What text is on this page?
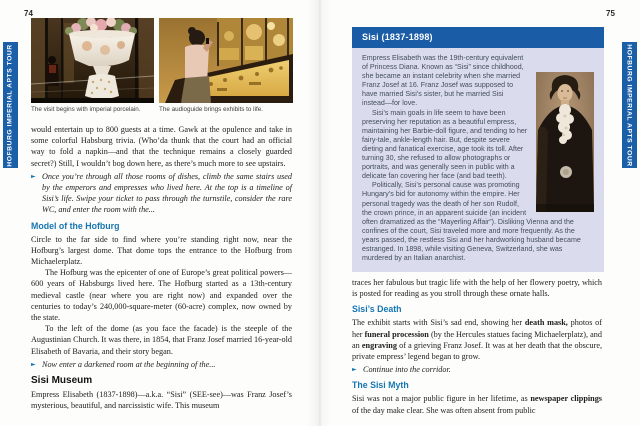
74
HOFBURG IMPERIAL APTS TOUR	The visit begins with imperial porcelain.	The audioguide brings exhibits to life.

would entertain up to 800 guests at a time. Gawk at the opulence and take in some colorful Habsburg trivia. (Who’da thunk that the court had an official way to fold a napkin—and that the technique remains a closely guarded secret?) Still, I wouldn’t bog down here, as there’s much more to see upstairs.

► Once you’re through all those rooms of dishes, climb the same stairs used by the emperors and empresses who lived here. At the top is a timeline of Sisi’s life. Swipe your ticket to pass through the turnstile, consider the rare WC, and enter the room with the...
Model of the Hofburg

Circle to the far side to find where you’re standing right now, near the Hofburg’s largest dome. That dome tops the entrance to the Hofburg from Michaelerplatz.

The Hofburg was the epicenter of one of Europe’s great political powers—600 years of Habsburgs lived here. The Hofburg started as a 13th-century medieval castle (near where you are right now) and expanded over the centuries to today’s 240,000-square-meter (60-acre) complex, now owned by the state.

To the left of the dome (as you face the facade) is the steeple of the Augustinian Church. It was there, in 1854, that Franz Josef married 16-year-old Elisabeth of Bavaria, and their story began.

► Now enter a darkened room at the beginning of the...
Sisi Museum

Empress Elisabeth (1837-1898)—a.k.a. “Sisi” (SEE-see)—was Franz Josef’s mysterious, beautiful, and narcissistic wife. This museum

75
HOFBURG IMPERIAL APTS TOUR
Sisi (1837-1898)

Empress Elisabeth was the 19th-century equivalent of Princess Diana. Known as “Sisi” since childhood, she became an instant celebrity when she married Franz Josef at 16. Franz Josef was supposed to have married Sisi’s sister, but he married Sisi instead—for love.

Sisi’s main goals in life seem to have been preserving her reputation as a beautiful empress, maintaining her Barbie-doll figure, and tending to her fairy-tale, ankle-length hair. But, despite severe dieting and fanatical exercise, age took its toll. After turning 30, she refused to allow photographs or portraits, and was generally seen in public with a delicate fan covering her face (and bad teeth).

Politically, Sisi’s personal cause was promoting Hungary’s bid for autonomy within the empire. Her personal tragedy was the death of her son Rudolf, the crown prince, in an apparent suicide (an incident often dramatized as the “Mayerling Affair”). Disliking Vienna and the confines of the court, Sisi traveled more and more frequently. As the years passed, the restless Sisi and her hardworking husband became estranged. In 1898, while visiting Geneva, Switzerland, she was murdered by an Italian anarchist.

traces her fabulous but tragic life with the help of her flowery poetry, which is posted for reading as you stroll through these ornate halls.

Sisi’s Death

The exhibit starts with Sisi’s sad end, showing her death mask, photos of her funeral procession (by the Hercules statues facing Michaelerplatz), and an engraving of a grieving Franz Josef. It was at her death that the obscure, private empress’ legend began to grow.

► Continue into the corridor.
The Sisi Myth

Sisi was not a major public figure in her lifetime, as newspaper clippings of the day make clear. She was often absent from public
